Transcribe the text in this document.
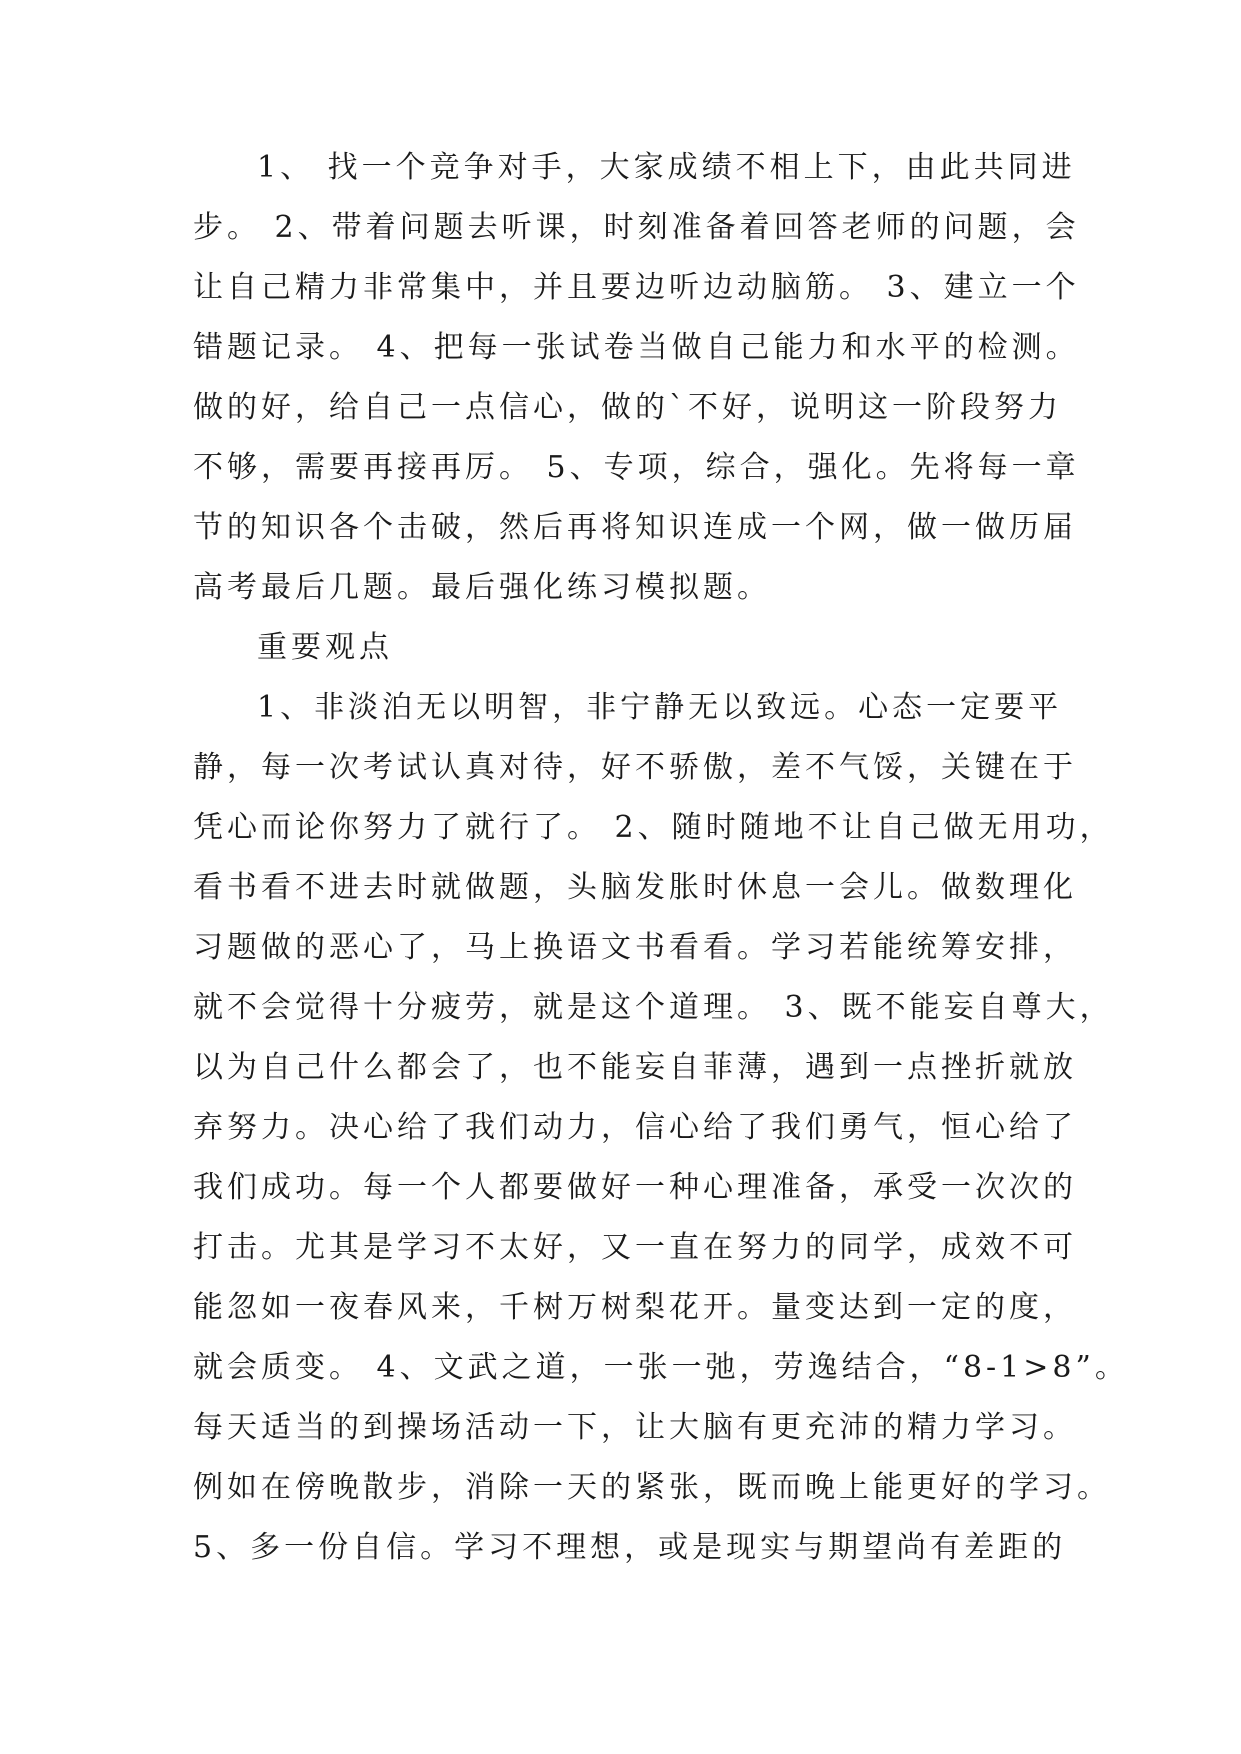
1、 找一个竞争对手，大家成绩不相上下，由此共同进
步。 2、带着问题去听课，时刻准备着回答老师的问题，会
让自己精力非常集中，并且要边听边动脑筋。 3、建立一个
错题记录。 4、把每一张试卷当做自己能力和水平的检测。
做的好，给自己一点信心，做的`不好，说明这一阶段努力
不够，需要再接再厉。 5、专项，综合，强化。先将每一章
节的知识各个击破，然后再将知识连成一个网，做一做历届
高考最后几题。最后强化练习模拟题。
重要观点
1、非淡泊无以明智，非宁静无以致远。心态一定要平
静，每一次考试认真对待，好不骄傲，差不气馁，关键在于
凭心而论你努力了就行了。 2、随时随地不让自己做无用功，
看书看不进去时就做题，头脑发胀时休息一会儿。做数理化
习题做的恶心了，马上换语文书看看。学习若能统筹安排，
就不会觉得十分疲劳，就是这个道理。 3、既不能妄自尊大，
以为自己什么都会了，也不能妄自菲薄，遇到一点挫折就放
弃努力。决心给了我们动力，信心给了我们勇气，恒心给了
我们成功。每一个人都要做好一种心理准备，承受一次次的
打击。尤其是学习不太好，又一直在努力的同学，成效不可
能忽如一夜春风来，千树万树梨花开。量变达到一定的度，
就会质变。 4、文武之道，一张一弛，劳逸结合，“8-1>8”。
每天适当的到操场活动一下，让大脑有更充沛的精力学习。
例如在傍晚散步，消除一天的紧张，既而晚上能更好的学习。
5、多一份自信。学习不理想，或是现实与期望尚有差距的
